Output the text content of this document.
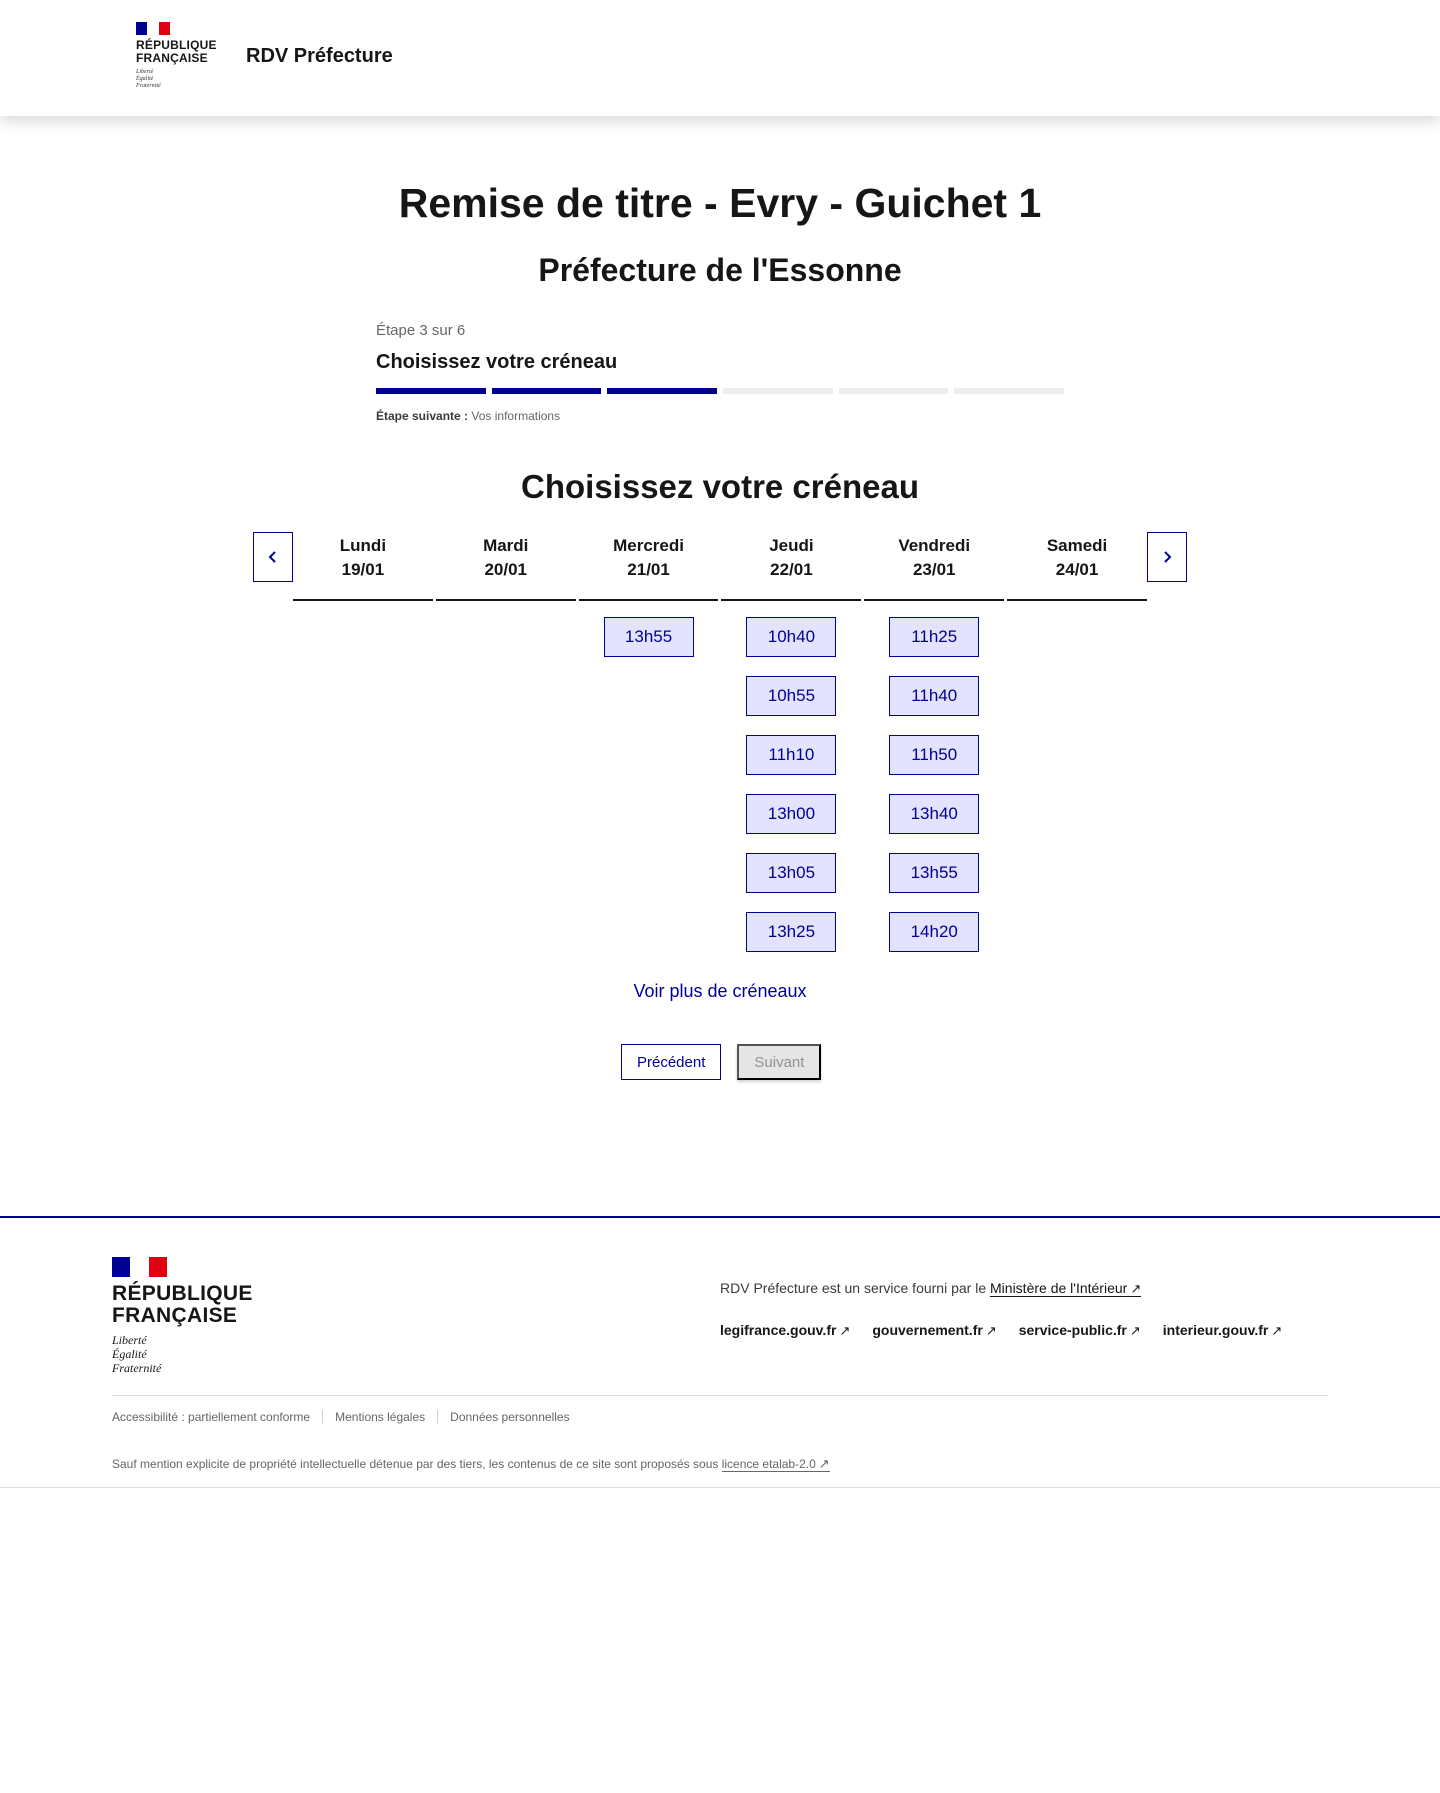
RÉPUBLIQUE
FRANÇAISE
Liberté
Égalité
Fraternité
RDV Préfecture
Remise de titre - Evry - Guichet 1
Préfecture de l'Essonne
Étape 3 sur 6
Choisissez votre créneau
Étape suivante : Vos informations
Choisissez votre créneau
Lundi
19/01
Mardi
20/01
Mercredi
21/01
13h55
Jeudi
22/01
10h40
10h55
11h10
13h00
13h05
13h25
Vendredi
23/01
11h25
11h40
11h50
13h40
13h55
14h20
Samedi
24/01
Voir plus de créneaux
Précédent	Suivant
RÉPUBLIQUE
FRANÇAISE
Liberté
Égalité
Fraternité
RDV Préfecture est un service fourni par le Ministère de l'Intérieur ↗
legifrance.gouv.fr ↗ gouvernement.fr ↗ service-public.fr ↗ interieur.gouv.fr ↗
Accessibilité : partiellement conforme	Mentions légales	Données personnelles
Sauf mention explicite de propriété intellectuelle détenue par des tiers, les contenus de ce site sont proposés sous licence etalab-2.0 ↗
